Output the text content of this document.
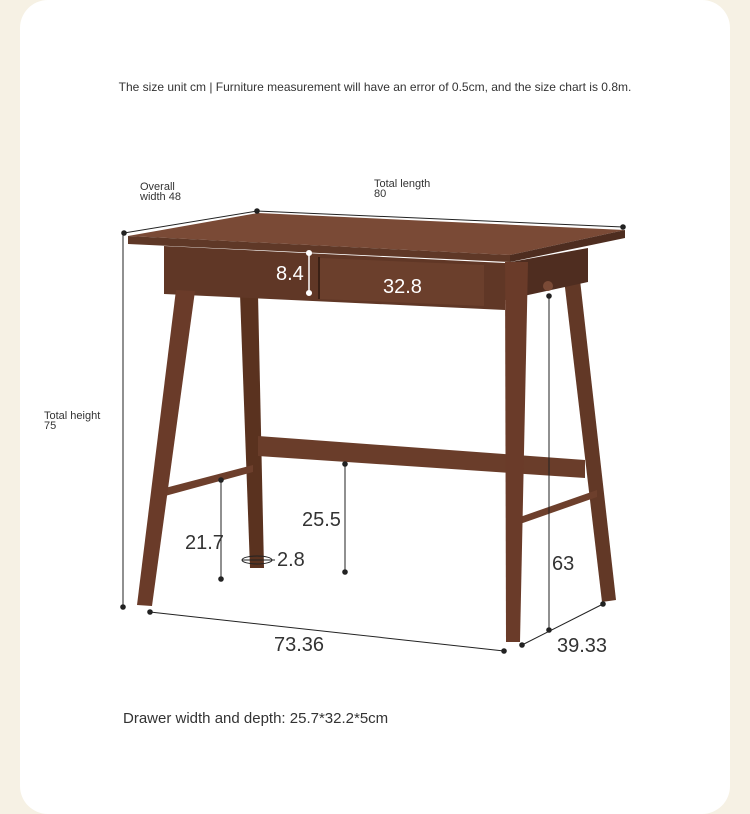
The size unit cm | Furniture measurement will have an error of 0.5cm, and the size chart is 0.8m.
Overall
width 48
Total length
80
Total height
75
8.4
32.8
25.5
21.7
2.8	63
73.36	39.33
Drawer width and depth: 25.7*32.2*5cm
